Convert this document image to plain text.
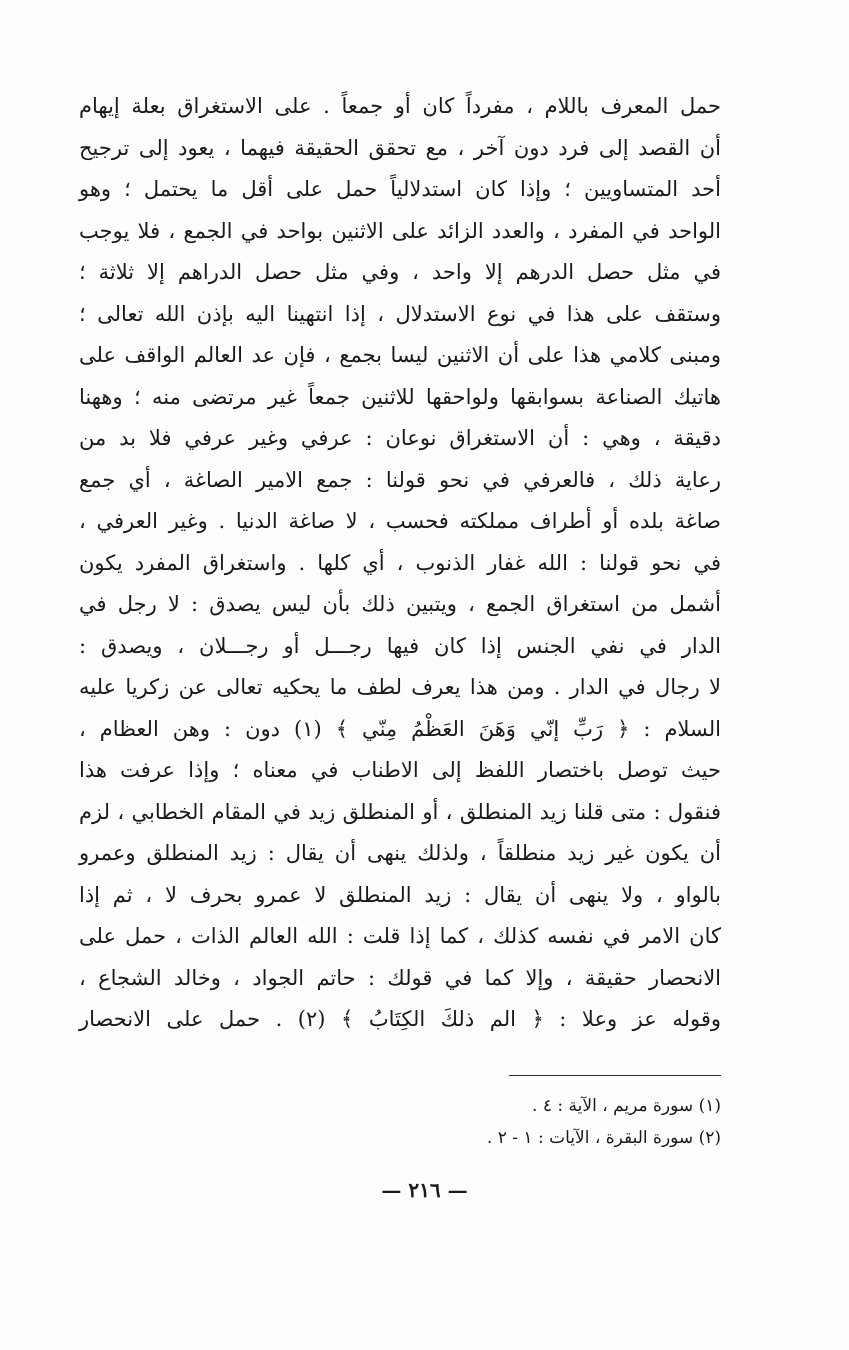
حمل المعرف باللام ، مفرداً كان أو جمعاً . على الاستغراق بعلة إيهام
أن القصد إلى فرد دون آخر ، مع تحقق الحقيقة فيهما ، يعود إلى ترجيح
أحد المتساويين ؛ وإذا كان استدلالياً حمل على أقل ما يحتمل ؛ وهو
الواحد في المفرد ، والعدد الزائد على الاثنين بواحد في الجمع ، فلا يوجب
في مثل حصل الدرهم إلا واحد ، وفي مثل حصل الدراهم إلا ثلاثة ؛
وستقف على هذا في نوع الاستدلال ، إذا انتهينا اليه بإذن الله تعالى ؛
ومبنى كلامي هذا على أن الاثنين ليسا بجمع ، فإن عد العالم الواقف على
هاتيك الصناعة بسوابقها ولواحقها للاثنين جمعاً غير مرتضى منه ؛ وههنا
دقيقة ، وهي : أن الاستغراق نوعان : عرفي وغير عرفي فلا بد من
رعاية ذلك ، فالعرفي في نحو قولنا : جمع الامير الصاغة ، أي جمع
صاغة بلده أو أطراف مملكته فحسب ، لا صاغة الدنيا . وغير العرفي ،
في نحو قولنا : الله غفار الذنوب ، أي كلها . واستغراق المفرد يكون
أشمل من استغراق الجمع ، ويتبين ذلك بأن ليس يصدق : لا رجل في
الدار في نفي الجنس إذا كان فيها رجـــل أو رجـــلان ، ويصدق :
لا رجال في الدار . ومن هذا يعرف لطف ما يحكيه تعالى عن زكريا عليه
السلام : ﴿ رَبِّ إنّي وَهَنَ العَظْمُ مِنّي ﴾ (١) دون : وهن العظام ،
حيث توصل باختصار اللفظ إلى الاطناب في معناه ؛ وإذا عرفت هذا
فنقول : متى قلنا زيد المنطلق ، أو المنطلق زيد في المقام الخطابي ، لزم
أن يكون غير زيد منطلقاً ، ولذلك ينهى أن يقال : زيد المنطلق وعمرو
بالواو ، ولا ينهى أن يقال : زيد المنطلق لا عمرو بحرف لا ، ثم إذا
كان الامر في نفسه كذلك ، كما إذا قلت : الله العالم الذات ، حمل على
الانحصار حقيقة ، وإلا كما في قولك : حاتم الجواد ، وخالد الشجاع ،
وقوله عز وعلا : ﴿ الم ذلكَ الكِتَابُ ﴾ (٢) . حمل على الانحصار
(١) سورة مريم ، الآية : ٤ .
(٢) سورة البقرة ، الآيات : ١ - ٢ .
— ٢١٦ —
